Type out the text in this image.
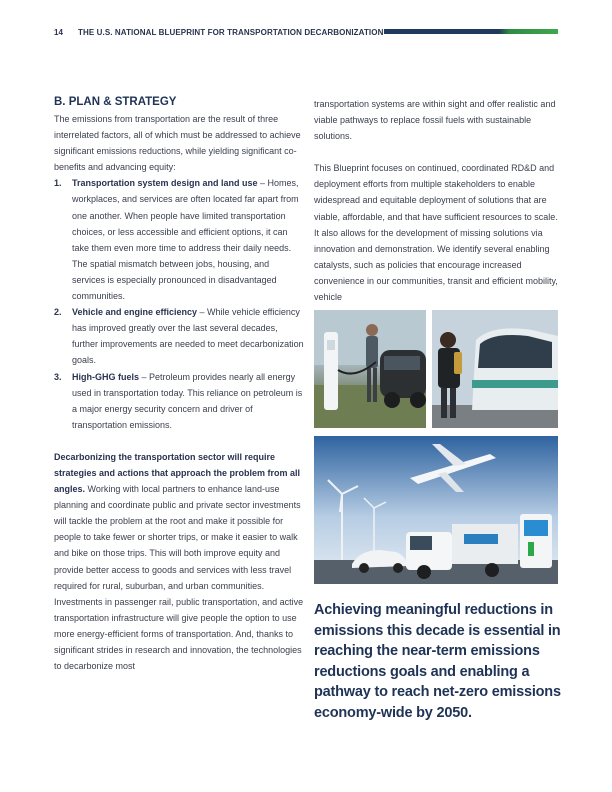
14 THE U.S. NATIONAL BLUEPRINT FOR TRANSPORTATION DECARBONIZATION
B. PLAN & STRATEGY

The emissions from transportation are the result of three interrelated factors, all of which must be addressed to achieve significant emissions reductions, while yielding significant co-benefits and advancing equity:

1. Transportation system design and land use – Homes, workplaces, and services are often located far apart from one another. When people have limited transportation choices, or less accessible and efficient options, it can take them even more time to address their daily needs. The spatial mismatch between jobs, housing, and services is especially pronounced in disadvantaged communities.
2. Vehicle and engine efficiency – While vehicle efficiency has improved greatly over the last several decades, further improvements are needed to meet decarbonization goals.
3. High-GHG fuels – Petroleum provides nearly all energy used in transportation today. This reliance on petroleum is a major energy security concern and driver of transportation emissions.

Decarbonizing the transportation sector will require strategies and actions that approach the problem from all angles. Working with local partners to enhance land-use planning and coordinate public and private sector investments will tackle the problem at the root and make it possible for people to take fewer or shorter trips, or make it easier to walk and bike on those trips. This will both improve equity and provide better access to goods and services with less travel required for rural, suburban, and urban communities. Investments in passenger rail, public transportation, and active transportation infrastructure will give people the option to use more energy-efficient forms of transportation. And, thanks to significant strides in research and innovation, the technologies to decarbonize most

transportation systems are within sight and offer realistic and viable pathways to replace fossil fuels with sustainable solutions.

This Blueprint focuses on continued, coordinated RD&D and deployment efforts from multiple stakeholders to enable widespread and equitable deployment of solutions that are viable, affordable, and that have sufficient resources to scale. It also allows for the development of missing solutions via innovation and demonstration. We identify several enabling catalysts, such as policies that encourage increased convenience in our communities, transit and efficient mobility, vehicle

Achieving meaningful reductions in emissions this decade is essential in reaching the near-term emissions reductions goals and enabling a pathway to reach net-zero emissions economy-wide by 2050.
